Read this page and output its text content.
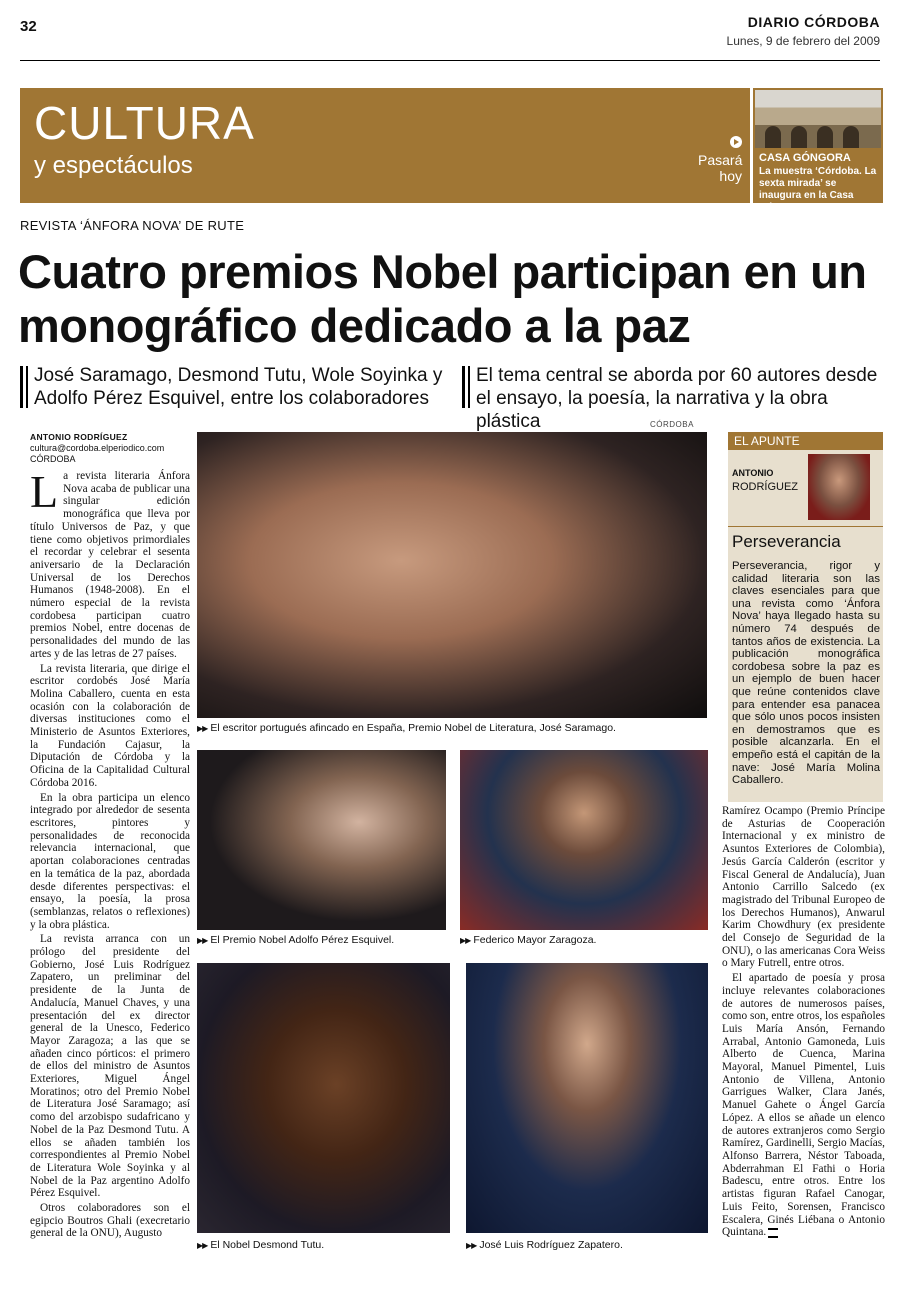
32	DIARIO CÓRDOBA
Lunes, 9 de febrero del 2009
CULTURA
y espectáculos	Pasará hoy
CASA GÓNGORA
La muestra ‘Córdoba. La sexta mirada’ se inaugura en la Casa Góngora.
REVISTA ‘ÁNFORA NOVA’ DE RUTE
Cuatro premios Nobel participan en un monográfico dedicado a la paz
José Saramago, Desmond Tutu, Wole Soyinka y Adolfo Pérez Esquivel, entre los colaboradores
El tema central se aborda por 60 autores desde el ensayo, la poesía, la narrativa y la obra plástica
ANTONIO RODRÍGUEZ
cultura@cordoba.elperiodico.com
CÓRDOBA

La revista literaria Ánfora Nova acaba de publicar una singular edición monográfica que lleva por título Universos de Paz, y que tiene como objetivos primordiales el recordar y celebrar el sesenta aniversario de la Declaración Universal de los Derechos Humanos (1948-2008). En el número especial de la revista cordobesa participan cuatro premios Nobel, entre docenas de personalidades del mundo de las artes y de las letras de 27 países.

La revista literaria, que dirige el escritor cordobés José María Molina Caballero, cuenta en esta ocasión con la colaboración de diversas instituciones como el Ministerio de Asuntos Exteriores, la Fundación Cajasur, la Diputación de Córdoba y la Oficina de la Capitalidad Cultural Córdoba 2016.

En la obra participa un elenco integrado por alrededor de sesenta escritores, pintores y personalidades de reconocida relevancia internacional, que aportan colaboraciones centradas en la temática de la paz, abordada desde diferentes perspectivas: el ensayo, la poesía, la prosa (semblanzas, relatos o reflexiones) y la obra plástica.

La revista arranca con un prólogo del presidente del Gobierno, José Luis Rodríguez Zapatero, un preliminar del presidente de la Junta de Andalucía, Manuel Chaves, y una presentación del ex director general de la Unesco, Federico Mayor Zaragoza; a las que se añaden cinco pórticos: el primero de ellos del ministro de Asuntos Exteriores, Miguel Ángel Moratinos; otro del Premio Nobel de Literatura José Saramago; así como del arzobispo sudafricano y Nobel de la Paz Desmond Tutu. A ellos se añaden también los correspondientes al Premio Nobel de Literatura Wole Soyinka y al Nobel de la Paz argentino Adolfo Pérez Esquivel.

Otros colaboradores son el egipcio Boutros Ghali (execretario general de la ONU), Augusto

CÓRDOBA
▶▶ El escritor portugués afincado en España, Premio Nobel de Literatura, José Saramago.
▶▶ El Premio Nobel Adolfo Pérez Esquivel.	▶▶ Federico Mayor Zaragoza.
▶▶ El Nobel Desmond Tutu.	▶▶ José Luis Rodríguez Zapatero.
EL APUNTE
ANTONIO
RODRÍGUEZ
Perseverancia
Perseverancia, rigor y calidad literaria son las claves esenciales para que una revista como ‘Ánfora Nova’ haya llegado hasta su número 74 después de tantos años de existencia. La publicación monográfica cordobesa sobre la paz es un ejemplo de buen hacer que reúne contenidos clave para entender esa panacea que sólo unos pocos insisten en demostramos que es posible alcanzarla. En el empeño está el capitán de la nave: José María Molina Caballero.

Ramírez Ocampo (Premio Príncipe de Asturias de Cooperación Internacional y ex ministro de Asuntos Exteriores de Colombia), Jesús García Calderón (escritor y Fiscal General de Andalucía), Juan Antonio Carrillo Salcedo (ex magistrado del Tribunal Europeo de los Derechos Humanos), Anwarul Karim Chowdhury (ex presidente del Consejo de Seguridad de la ONU), o las americanas Cora Weiss o Mary Futrell, entre otros.

El apartado de poesía y prosa incluye relevantes colaboraciones de autores de numerosos países, como son, entre otros, los españoles Luis María Ansón, Fernando Arrabal, Antonio Gamoneda, Luis Alberto de Cuenca, Marina Mayoral, Manuel Pimentel, Luis Antonio de Villena, Antonio Garrigues Walker, Clara Janés, Manuel Gahete o Ángel García López. A ellos se añade un elenco de autores extranjeros como Sergio Ramírez, Gardinelli, Sergio Macías, Alfonso Barrera, Néstor Taboada, Abderrahman El Fathi o Horia Badescu, entre otros. Entre los artistas figuran Rafael Canogar, Luis Feito, Sorensen, Francisco Escalera, Ginés Liébana o Antonio Quintana.
